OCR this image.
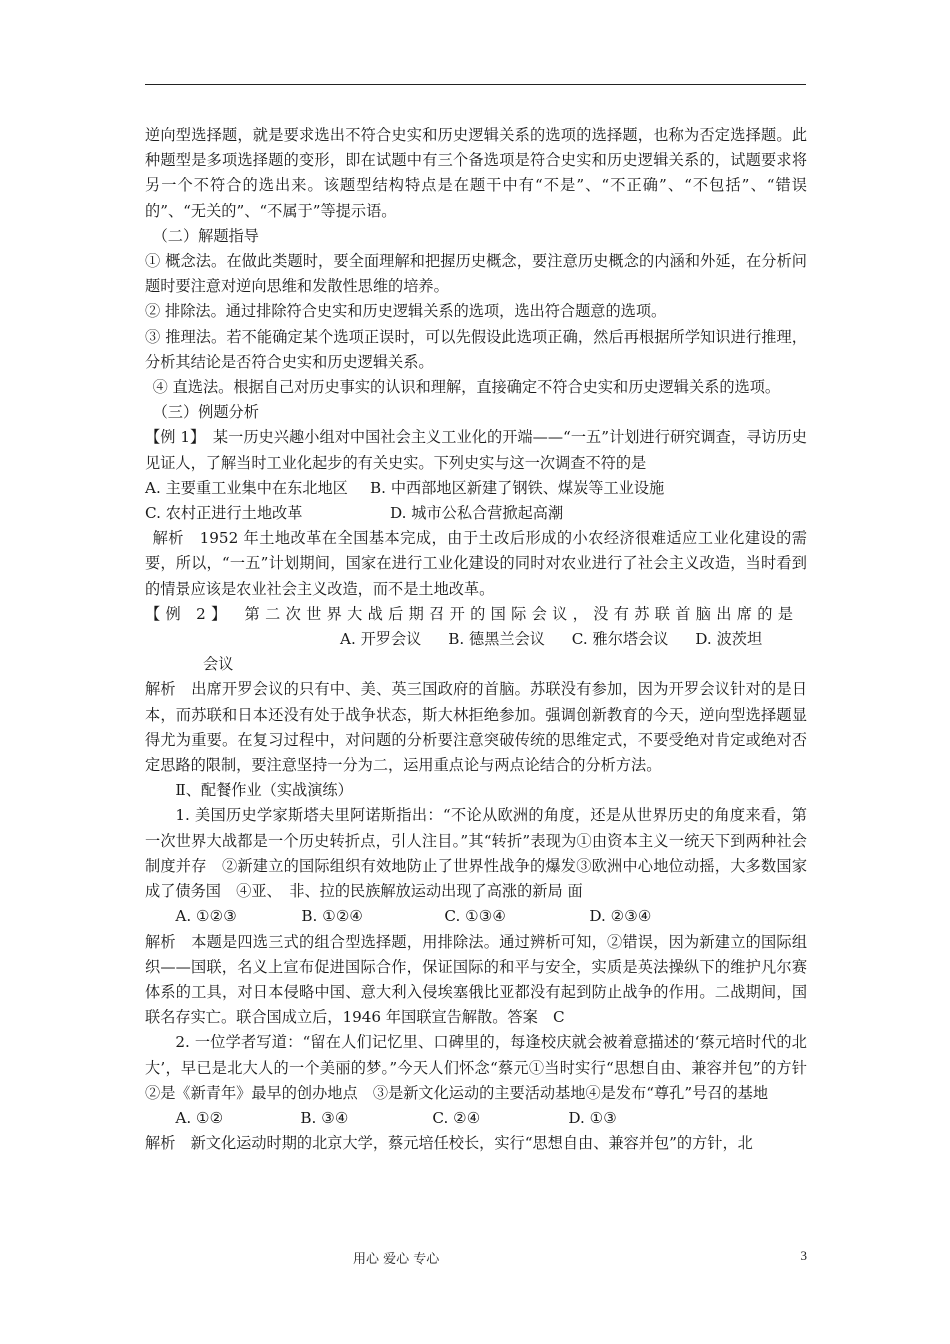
逆向型选择题，就是要求选出不符合史实和历史逻辑关系的选项的选择题，也称为否定选择题。此种题型是多项选择题的变形，即在试题中有三个备选项是符合史实和历史逻辑关系的，试题要求将另一个不符合的选出来。该题型结构特点是在题干中有“不是”、“不正确”、“不包括”、“错误的”、“无关的”、“不属于”等提示语。

（二）解题指导

① 概念法。在做此类题时，要全面理解和把握历史概念，要注意历史概念的内涵和外延，在分析问题时要注意对逆向思维和发散性思维的培养。

② 排除法。通过排除符合史实和历史逻辑关系的选项，选出符合题意的选项。

③ 推理法。若不能确定某个选项正误时，可以先假设此选项正确，然后再根据所学知识进行推理，分析其结论是否符合史实和历史逻辑关系。

④ 直选法。根据自己对历史事实的认识和理解，直接确定不符合史实和历史逻辑关系的选项。

（三）例题分析

【例 1】　某一历史兴趣小组对中国社会主义工业化的开端——“一五”计划进行研究调查，寻访历史见证人，了解当时工业化起步的有关史实。下列史实与这一次调查不符的是

A. 主要重工业集中在东北地区	B. 中西部地区新建了钢铁、煤炭等工业设施

C. 农村正进行土地改革	D. 城市公私合营掀起高潮

解析　1952 年土地改革在全国基本完成，由于土改后形成的小农经济很难适应工业化建设的需要，所以，“一五”计划期间，国家在进行工业化建设的同时对农业进行了社会主义改造，当时看到的情景应该是农业社会主义改造，而不是土地改革。

【例 2】　第二次世界大战后期召开的国际会议，没有苏联首脑出席的是

A. 开罗会议 B. 德黑兰会议 C. 雅尔塔会议 D. 波茨坦

会议

解析　出席开罗会议的只有中、美、英三国政府的首脑。苏联没有参加，因为开罗会议针对的是日本，而苏联和日本还没有处于战争状态，斯大林拒绝参加。强调创新教育的今天，逆向型选择题显得尤为重要。在复习过程中，对问题的分析要注意突破传统的思维定式，不要受绝对肯定或绝对否定思路的限制，要注意坚持一分为二，运用重点论与两点论结合的分析方法。

Ⅱ、配餐作业（实战演练）

1. 美国历史学家斯塔夫里阿诺斯指出：“不论从欧洲的角度，还是从世界历史的角度来看，第一次世界大战都是一个历史转折点，引人注目。”其“转折”表现为①由资本主义一统天下到两种社会制度并存　②新建立的国际组织有效地防止了世界性战争的爆发③欧洲中心地位动摇，大多数国家成了债务国　④亚、　非、拉的民族解放运动出现了高涨的新局 面

A. ①②③	B. ①②④	C. ①③④	D. ②③④

解析　本题是四选三式的组合型选择题，用排除法。通过辨析可知，②错误，因为新建立的国际组织——国联，名义上宣布促进国际合作，保证国际的和平与安全，实质是英法操纵下的维护凡尔赛体系的工具，对日本侵略中国、意大利入侵埃塞俄比亚都没有起到防止战争的作用。二战期间，国联名存实亡。联合国成立后，1946 年国联宣告解散。答案　C

2. 一位学者写道：“留在人们记忆里、口碑里的，每逢校庆就会被着意描述的‘蔡元培时代的北大’，早已是北大人的一个美丽的梦。”今天人们怀念“蔡元①当时实行“思想自由、兼容并包”的方针　②是《新青年》最早的创办地点　③是新文化运动的主要活动基地④是发布“尊孔”号召的基地

A. ①②	B. ③④	C. ②④	D. ①③

解析　新文化运动时期的北京大学，蔡元培任校长，实行“思想自由、兼容并包”的方针，北

用心 爱心 专心	3
